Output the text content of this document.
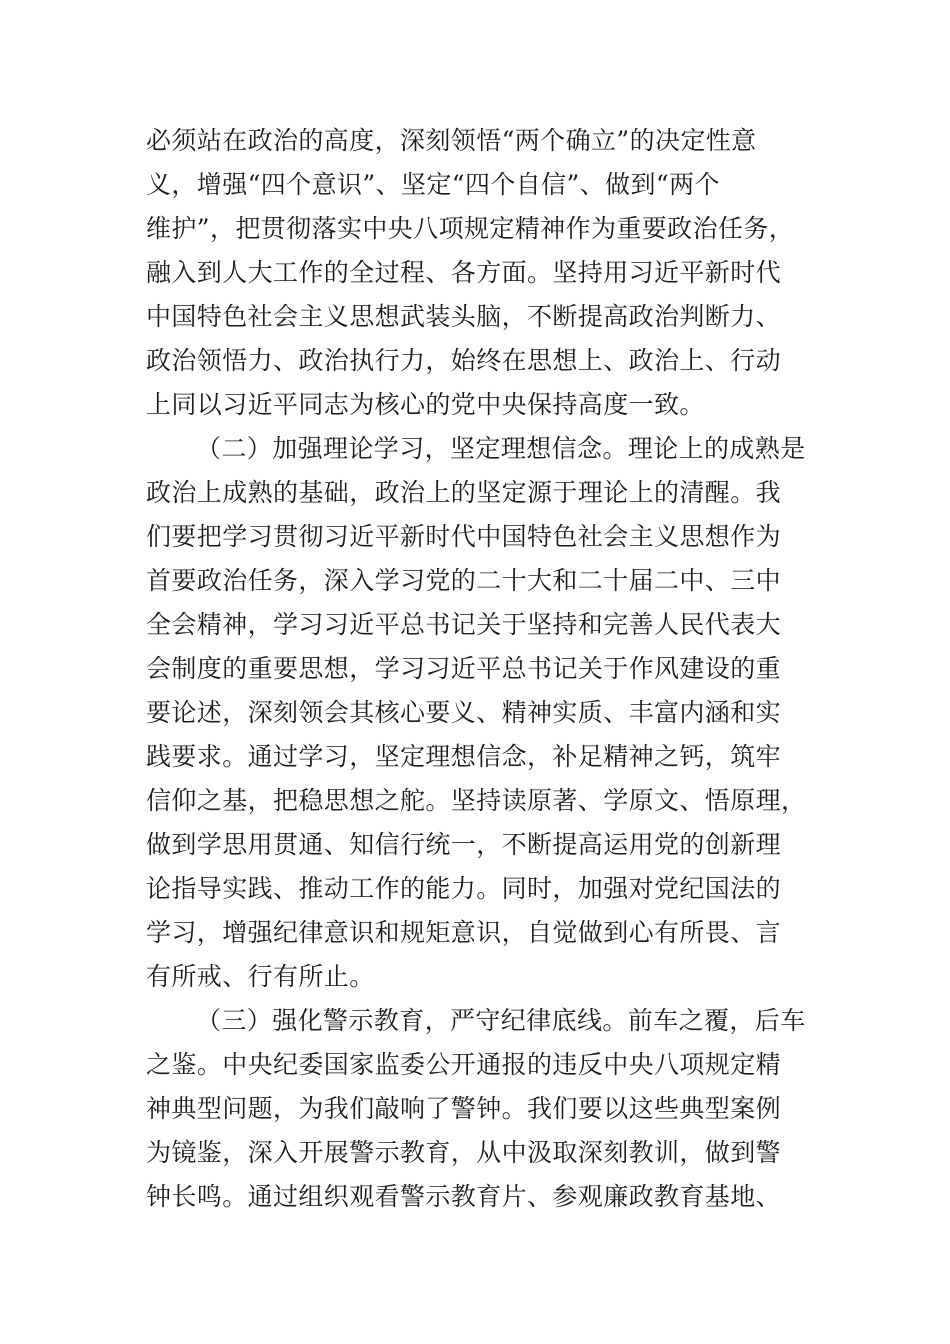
必须站在政治的高度，深刻领悟“两个确立”的决定性意
义，增强“四个意识”、坚定“四个自信”、做到“两个
维护”，把贯彻落实中央八项规定精神作为重要政治任务，
融入到人大工作的全过程、各方面。坚持用习近平新时代
中国特色社会主义思想武装头脑，不断提高政治判断力、
政治领悟力、政治执行力，始终在思想上、政治上、行动
上同以习近平同志为核心的党中央保持高度一致。
（二）加强理论学习，坚定理想信念。理论上的成熟是
政治上成熟的基础，政治上的坚定源于理论上的清醒。我
们要把学习贯彻习近平新时代中国特色社会主义思想作为
首要政治任务，深入学习党的二十大和二十届二中、三中
全会精神，学习习近平总书记关于坚持和完善人民代表大
会制度的重要思想，学习习近平总书记关于作风建设的重
要论述，深刻领会其核心要义、精神实质、丰富内涵和实
践要求。通过学习，坚定理想信念，补足精神之钙，筑牢
信仰之基，把稳思想之舵。坚持读原著、学原文、悟原理，
做到学思用贯通、知信行统一，不断提高运用党的创新理
论指导实践、推动工作的能力。同时，加强对党纪国法的
学习，增强纪律意识和规矩意识，自觉做到心有所畏、言
有所戒、行有所止。
（三）强化警示教育，严守纪律底线。前车之覆，后车
之鉴。中央纪委国家监委公开通报的违反中央八项规定精
神典型问题，为我们敲响了警钟。我们要以这些典型案例
为镜鉴，深入开展警示教育，从中汲取深刻教训，做到警
钟长鸣。通过组织观看警示教育片、参观廉政教育基地、
